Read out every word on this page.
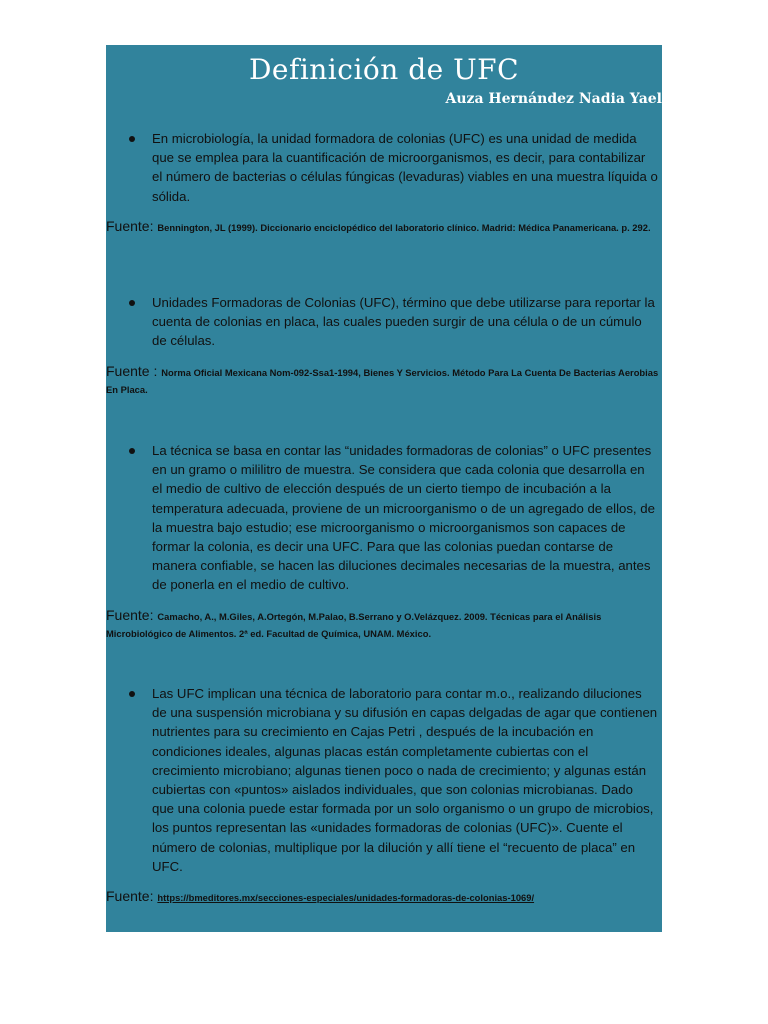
Definición de UFC
Auza Hernández Nadia Yael
En microbiología, la unidad formadora de colonias (UFC) es una unidad de medida que se emplea para la cuantificación de microorganismos, es decir, para contabilizar el número de bacterias o células fúngicas (levaduras) viables en una muestra líquida o sólida.
Fuente: Bennington, JL (1999). Diccionario enciclopédico del laboratorio clínico. Madrid: Médica Panamericana. p. 292.
Unidades Formadoras de Colonias (UFC), término que debe utilizarse para reportar la cuenta de colonias en placa, las cuales pueden surgir de una célula o de un cúmulo de células.
Fuente : Norma Oficial Mexicana Nom-092-Ssa1-1994, Bienes Y Servicios. Método Para La Cuenta De Bacterias Aerobias En Placa.
La técnica se basa en contar las “unidades formadoras de colonias” o UFC presentes en un gramo o mililitro de muestra. Se considera que cada colonia que desarrolla en el medio de cultivo de elección después de un cierto tiempo de incubación a la temperatura adecuada, proviene de un microorganismo o de un agregado de ellos, de la muestra bajo estudio; ese microorganismo o microorganismos son capaces de formar la colonia, es decir una UFC. Para que las colonias puedan contarse de manera confiable, se hacen las diluciones decimales necesarias de la muestra, antes de ponerla en el medio de cultivo.
Fuente: Camacho, A., M.Giles, A.Ortegón, M.Palao, B.Serrano y O.Velázquez. 2009. Técnicas para el Análisis Microbiológico de Alimentos. 2ª ed. Facultad de Química, UNAM. México.
Las UFC implican una técnica de laboratorio para contar m.o., realizando diluciones de una suspensión microbiana y su difusión en capas delgadas de agar que contienen nutrientes para su crecimiento en Cajas Petri , después de la incubación en condiciones ideales, algunas placas están completamente cubiertas con el crecimiento microbiano; algunas tienen poco o nada de crecimiento; y algunas están cubiertas con «puntos» aislados individuales, que son colonias microbianas. Dado que una colonia puede estar formada por un solo organismo o un grupo de microbios, los puntos representan las «unidades formadoras de colonias (UFC)». Cuente el número de colonias, multiplique por la dilución y allí tiene el “recuento de placa” en UFC.
Fuente: https://bmeditores.mx/secciones-especiales/unidades-formadoras-de-colonias-1069/
